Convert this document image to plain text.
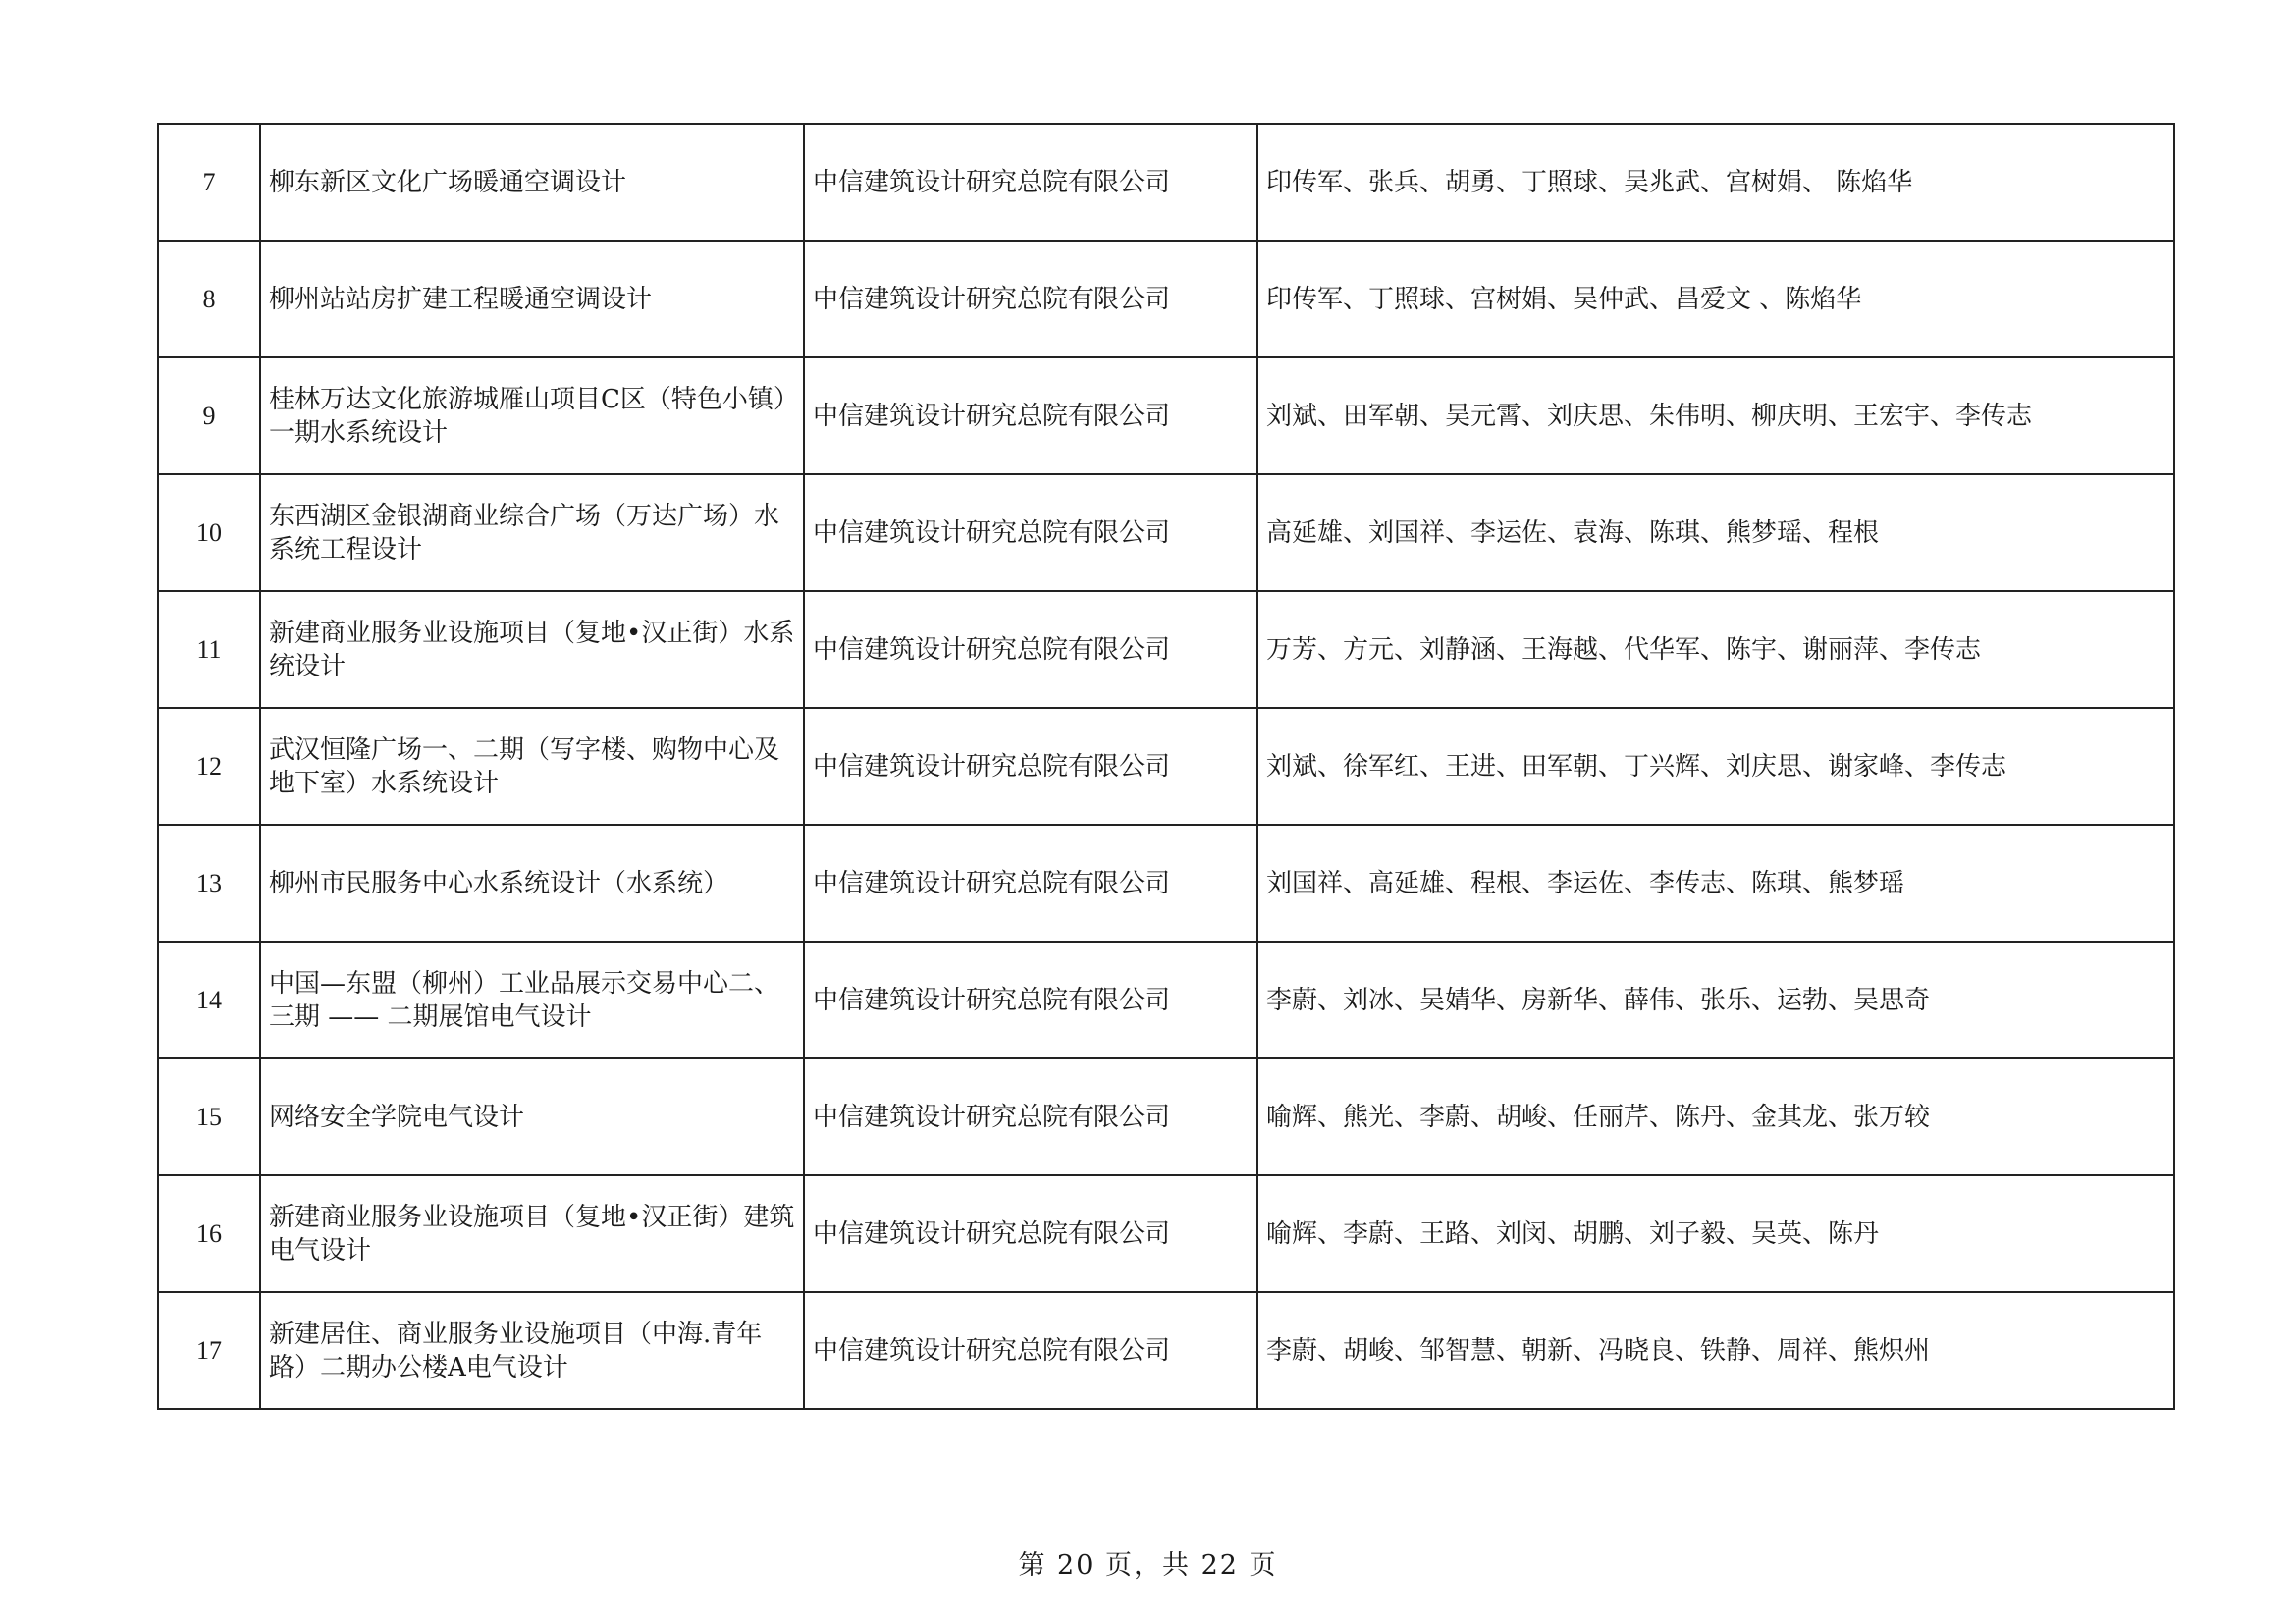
7	柳东新区文化广场暖通空调设计	中信建筑设计研究总院有限公司	印传军、张兵、胡勇、丁照球、吴兆武、宫树娟、 陈焰华
8	柳州站站房扩建工程暖通空调设计	中信建筑设计研究总院有限公司	印传军、丁照球、宫树娟、吴仲武、昌爱文 、陈焰华
9	桂林万达文化旅游城雁山项目C区（特色小镇）一期水系统设计	中信建筑设计研究总院有限公司	刘斌、田军朝、吴元霄、刘庆思、朱伟明、柳庆明、王宏宇、李传志
10	东西湖区金银湖商业综合广场（万达广场）水系统工程设计	中信建筑设计研究总院有限公司	高延雄、刘国祥、李运佐、袁海、陈琪、熊梦瑶、程根
11	新建商业服务业设施项目（复地•汉正街）水系统设计	中信建筑设计研究总院有限公司	万芳、方元、刘静涵、王海越、代华军、陈宇、谢丽萍、李传志
12	武汉恒隆广场一、二期（写字楼、购物中心及地下室）水系统设计	中信建筑设计研究总院有限公司	刘斌、徐军红、王进、田军朝、丁兴辉、刘庆思、谢家峰、李传志
13	柳州市民服务中心水系统设计（水系统）	中信建筑设计研究总院有限公司	刘国祥、高延雄、程根、李运佐、李传志、陈琪、熊梦瑶
14	中国—东盟（柳州）工业品展示交易中心二、三期 —— 二期展馆电气设计	中信建筑设计研究总院有限公司	李蔚、刘冰、吴婧华、房新华、薛伟、张乐、运勃、吴思奇
15	网络安全学院电气设计	中信建筑设计研究总院有限公司	喻辉、熊光、李蔚、胡峻、任丽芹、陈丹、金其龙、张万较
16	新建商业服务业设施项目（复地•汉正街）建筑电气设计	中信建筑设计研究总院有限公司	喻辉、李蔚、王路、刘闵、胡鹏、刘子毅、吴英、陈丹
17	新建居住、商业服务业设施项目（中海.青年路）二期办公楼A电气设计	中信建筑设计研究总院有限公司	李蔚、胡峻、邹智慧、朝新、冯晓良、铁静、周祥、熊炽州
第 20 页，共 22 页
